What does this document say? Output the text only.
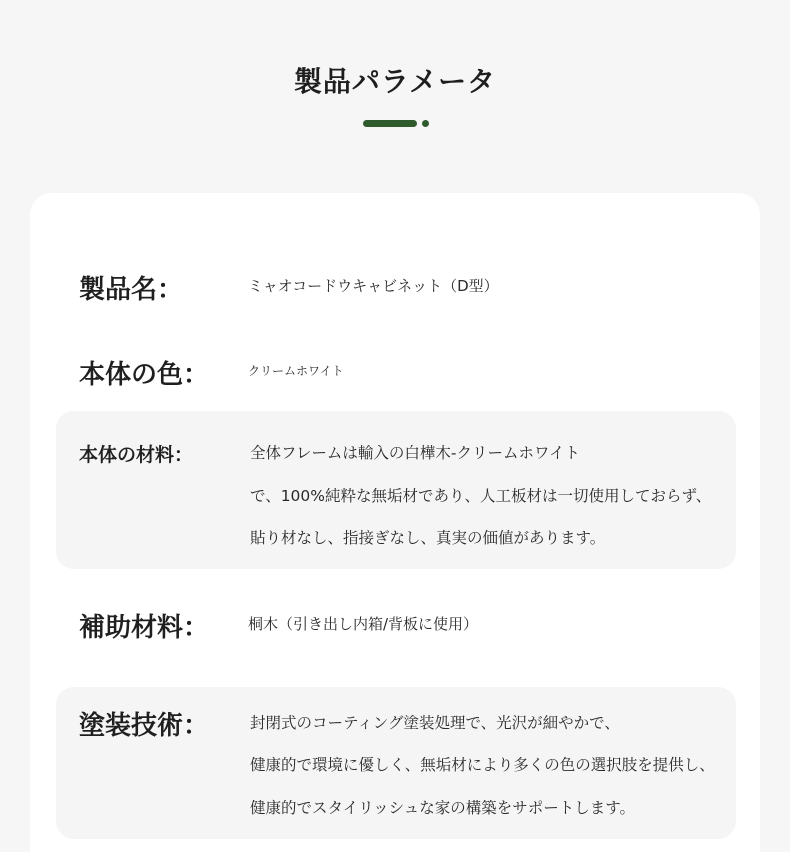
製品パラメータ
製品名：	ミャオコードウキャビネット（D型）
本体の色：	クリームホワイト
本体の材料：	全体フレームは輸入の白樺木-クリームホワイト
で、100%純粋な無垢材であり、人工板材は一切使用しておらず、
貼り材なし、指接ぎなし、真実の価値があります。
補助材料：	桐木（引き出し内箱/背板に使用）
塗装技術：	封閉式のコーティング塗装処理で、光沢が細やかで、
健康的で環境に優しく、無垢材により多くの色の選択肢を提供し、
健康的でスタイリッシュな家の構築をサポートします。
